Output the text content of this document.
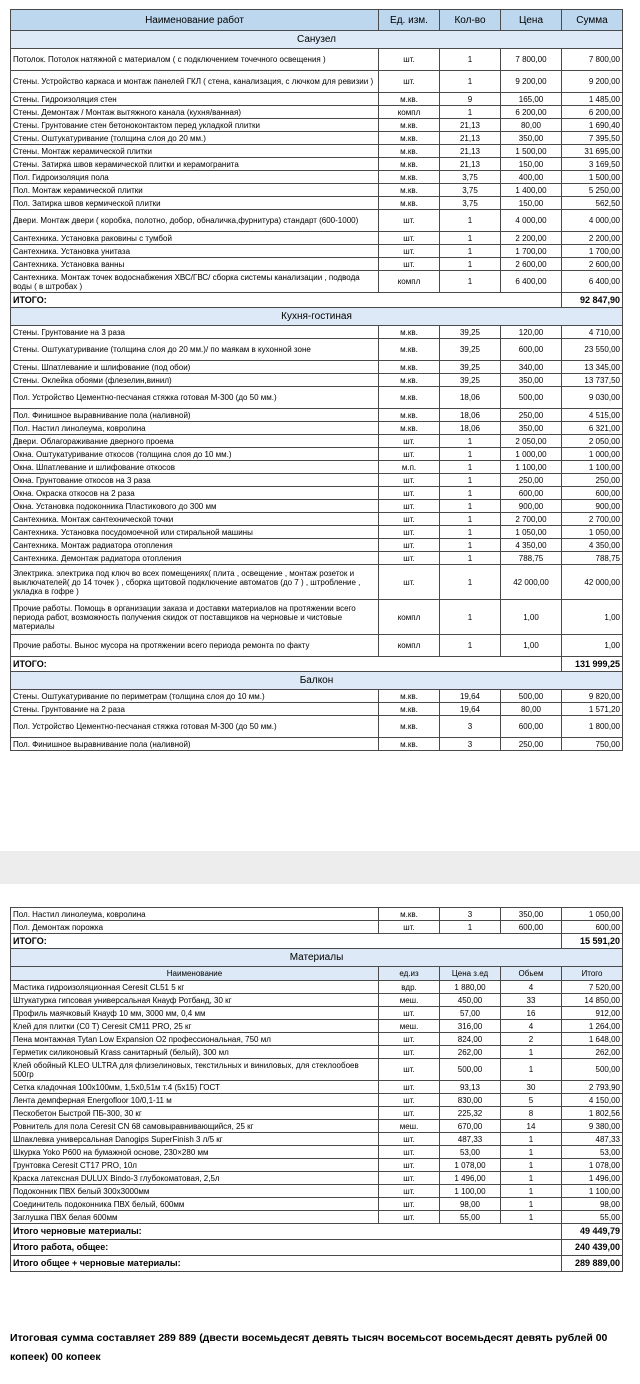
Наименование работ	Ед. изм.	Кол-во	Цена	Сумма
Санузел				
Потолок. Потолок натяжной с материалом ( с подключением точечного освещения )	шт.	1	7 800,00	7 800,00
Стены. Устройство каркаса и монтаж панелей ГКЛ ( стена, канализация, с лючком для ревизии )	шт.	1	9 200,00	9 200,00
Стены. Гидроизоляция стен	м.кв.	9	165,00	1 485,00
Стены. Демонтаж / Монтаж вытяжного канала (кухня/ванная)	компл	1	6 200,00	6 200,00
Стены. Грунтование стен бетоноконтактом перед укладкой плитки	м.кв.	21,13	80,00	1 690,40
Стены. Оштукатуривание (толщина слоя до 20 мм.)	м.кв.	21,13	350,00	7 395,50
Стены. Монтаж керамической плитки	м.кв.	21,13	1 500,00	31 695,00
Стены. Затирка швов керамической плитки и керамогранита	м.кв.	21,13	150,00	3 169,50
Пол. Гидроизоляция пола	м.кв.	3,75	400,00	1 500,00
Пол. Монтаж керамической плитки	м.кв.	3,75	1 400,00	5 250,00
Пол. Затирка швов кермической плитки	м.кв.	3,75	150,00	562,50
Двери. Монтаж двери ( коробка, полотно, добор, обналичка,фурнитура) стандарт (600-1000)	шт.	1	4 000,00	4 000,00
Сантехника. Установка раковины с тумбой	шт.	1	2 200,00	2 200,00
Сантехника. Установка унитаза	шт.	1	1 700,00	1 700,00
Сантехника. Установка ванны	шт.	1	2 600,00	2 600,00
Сантехника. Монтаж точек водоснабжения ХВС/ГВС/ сборка системы канализации , подвода воды ( в штробах )	компл	1	6 400,00	6 400,00
ИТОГО:				92 847,90
Кухня-гостиная				
Стены. Грунтование на 3 раза	м.кв.	39,25	120,00	4 710,00
Стены. Оштукатуривание (толщина слоя до 20 мм.)/ по маякам в кухонной зоне	м.кв.	39,25	600,00	23 550,00
Стены. Шпатлевание и шлифование (под обои)	м.кв.	39,25	340,00	13 345,00
Стены. Оклейка обоями (флезелин,винил)	м.кв.	39,25	350,00	13 737,50
Пол. Устройство Цементно-песчаная стяжка готовая М-300 (до 50 мм.)	м.кв.	18,06	500,00	9 030,00
Пол. Финишное выравнивание пола (наливной)	м.кв.	18,06	250,00	4 515,00
Пол. Настил линолеума, ковролина	м.кв.	18,06	350,00	6 321,00
Двери. Облагораживание дверного проема	шт.	1	2 050,00	2 050,00
Окна. Оштукатуривание откосов (толщина слоя до 10 мм.)	шт.	1	1 000,00	1 000,00
Окна. Шпатлевание и шлифование откосов	м.п.	1	1 100,00	1 100,00
Окна. Грунтование откосов на 3 раза	шт.	1	250,00	250,00
Окна. Окраска откосов на 2 раза	шт.	1	600,00	600,00
Окна. Установка подоконника Пластикового до 300 мм	шт.	1	900,00	900,00
Сантехника. Монтаж сантехнической точки	шт.	1	2 700,00	2 700,00
Сантехника. Установка посудомоечной или стиральной машины	шт.	1	1 050,00	1 050,00
Сантехника. Монтаж радиатора отопления	шт.	1	4 350,00	4 350,00
Сантехника. Демонтаж радиатора отопления	шт.	1	788,75	788,75
Электрика. электрика под ключ во всех помещениях( плита , освещение , монтаж розеток и выключателей( до 14 точек ) , сборка щитовой подключение автоматов (до 7 ) , штробление , укладка в гофре )	шт.	1	42 000,00	42 000,00
Прочие работы. Помощь в организации заказа и доставки материалов на протяжении всего периода работ, возможность получения скидок от поставщиков на черновые и чистовые материалы	компл	1	1,00	1,00
Прочие работы. Вынос мусора на протяжении всего периода ремонта по факту	компл	1	1,00	1,00
ИТОГО:				131 999,25
Балкон				
Стены. Оштукатуривание по периметрам (толщина слоя до 10 мм.)	м.кв.	19,64	500,00	9 820,00
Стены. Грунтование на 2 раза	м.кв.	19,64	80,00	1 571,20
Пол. Устройство Цементно-песчаная стяжка готовая М-300 (до 50 мм.)	м.кв.	3	600,00	1 800,00
Пол. Финишное выравнивание пола (наливной)	м.кв.	3	250,00	750,00
Пол. Настил линолеума, ковролина	м.кв.	3	350,00	1 050,00
Пол. Демонтаж порожка	шт.	1	600,00	600,00
ИТОГО:				15 591,20
Материалы				
Наименование	ед.из	Цена з.ед	Обьем	Итого
Мастика гидроизоляционная Ceresit CL51 5 кг	вдр.	1 880,00	4	7 520,00
Штукатурка гипсовая универсальная Кнауф Ротбанд, 30 кг	меш.	450,00	33	14 850,00
Профиль маячковый Кнауф 10 мм, 3000 мм, 0,4 мм	шт.	57,00	16	912,00
Клей для плитки (С0 Т) Ceresit CM11 PRO, 25 кг	меш.	316,00	4	1 264,00
Пена монтажная Tytan Low Expansion O2 профессиональная, 750 мл	шт.	824,00	2	1 648,00
Герметик силиконовый Krass санитарный (белый), 300 мл	шт.	262,00	1	262,00
Клей обойный KLEO ULTRA для флизелиновых, текстильных и виниловых, для стеклообоев 500гр	шт.	500,00	1	500,00
Сетка кладочная 100х100мм, 1,5х0,51м т.4 (5х15) ГОСТ	шт.	93,13	30	2 793,90
Лента демпферная Energofloor 10/0,1-11 м	шт.	830,00	5	4 150,00
Пескобетон Быстрой ПБ-300, 30 кг	шт.	225,32	8	1 802,56
Ровнитель для пола Ceresit CN 68 самовыравнивающийся, 25 кг	меш.	670,00	14	9 380,00
Шпаклевка универсальная Danogips SuperFinish 3 л/5 кг	шт.	487,33	1	487,33
Шкурка Yoko P600 на бумажной основе, 230×280 мм	шт.	53,00	1	53,00
Грунтовка Ceresit CT17 PRO, 10л	шт.	1 078,00	1	1 078,00
Краска латексная DULUX Bindo-3 глубокоматовая, 2,5л	шт.	1 496,00	1	1 496,00
Подоконник ПВХ белый 300х3000мм	шт.	1 100,00	1	1 100,00
Соединитель подоконника ПВХ белый, 600мм	шт.	98,00	1	98,00
Заглушка ПВХ белая 600мм	шт.	55,00	1	55,00
Итого черновые материалы:				49 449,79
Итого работа, общее:				240 439,00
Итого общее + черновые материалы:				289 889,00
Итоговая сумма составляет 289 889 (двести восемьдесят девять тысяч восемьсот восемьдесят девять рублей 00 копеек) 00 копеек
